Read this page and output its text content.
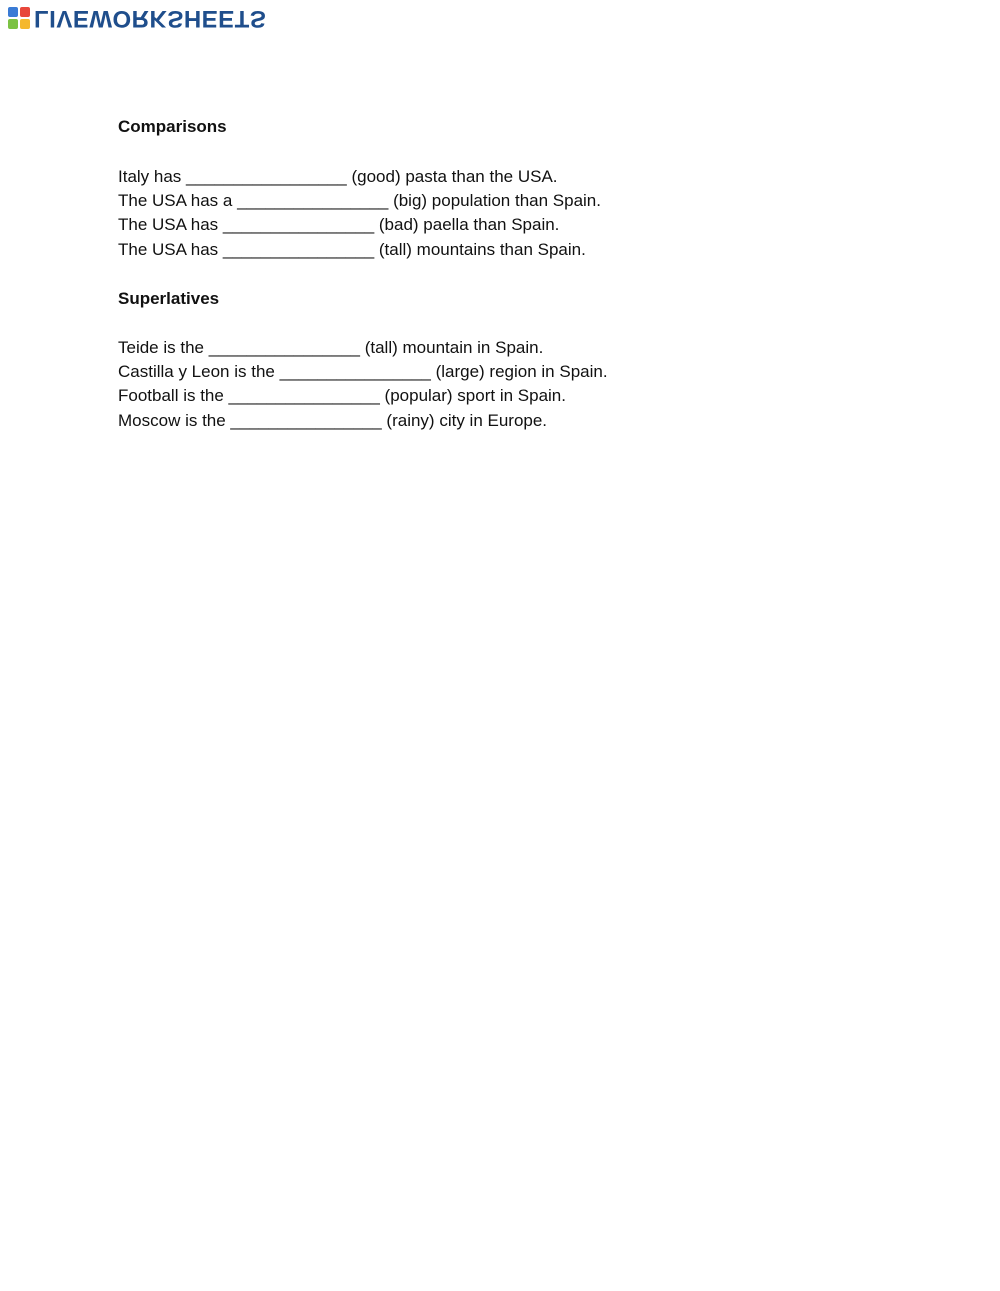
LIVEWORKSHEETS
Comparisons
Italy has _________________ (good) pasta than the USA.
The USA has a ________________ (big) population than Spain.
The USA has ________________ (bad) paella than Spain.
The USA has ________________ (tall) mountains than Spain.
Superlatives
Teide is the ________________ (tall) mountain in Spain.
Castilla y Leon is the ________________ (large) region in Spain.
Football is the ________________ (popular) sport in Spain.
Moscow is the ________________ (rainy) city in Europe.
